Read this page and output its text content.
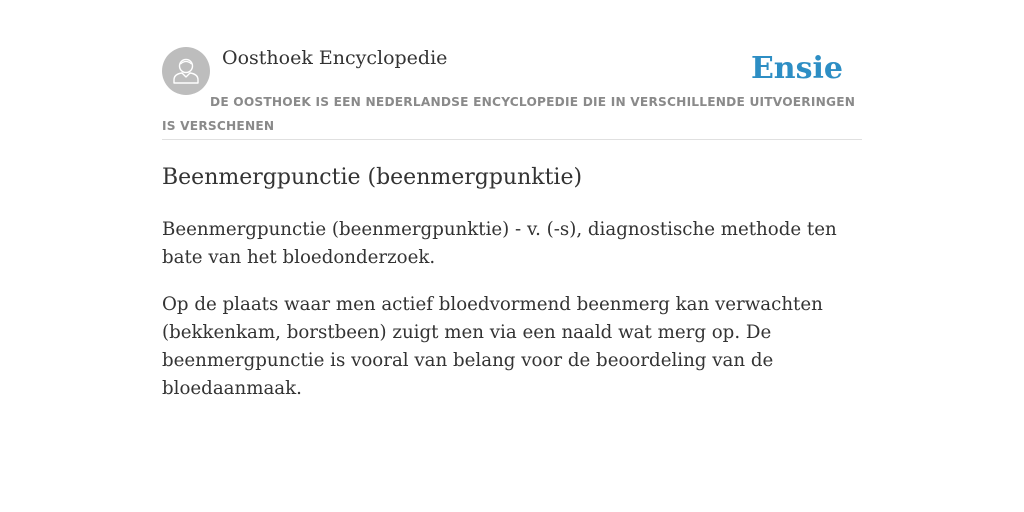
Oosthoek Encyclopedie	Ensie

DE OOSTHOEK IS EEN NEDERLANDSE ENCYCLOPEDIE DIE IN VERSCHILLENDE UITVOERINGEN IS VERSCHENEN

Beenmergpunctie (beenmergpunktie)

Beenmergpunctie (beenmergpunktie) - v. (-s), diagnostische methode ten bate van het bloedonderzoek.

Op de plaats waar men actief bloedvormend beenmerg kan verwachten (bekkenkam, borstbeen) zuigt men via een naald wat merg op. De beenmergpunctie is vooral van belang voor de beoordeling van de bloedaanmaak.
